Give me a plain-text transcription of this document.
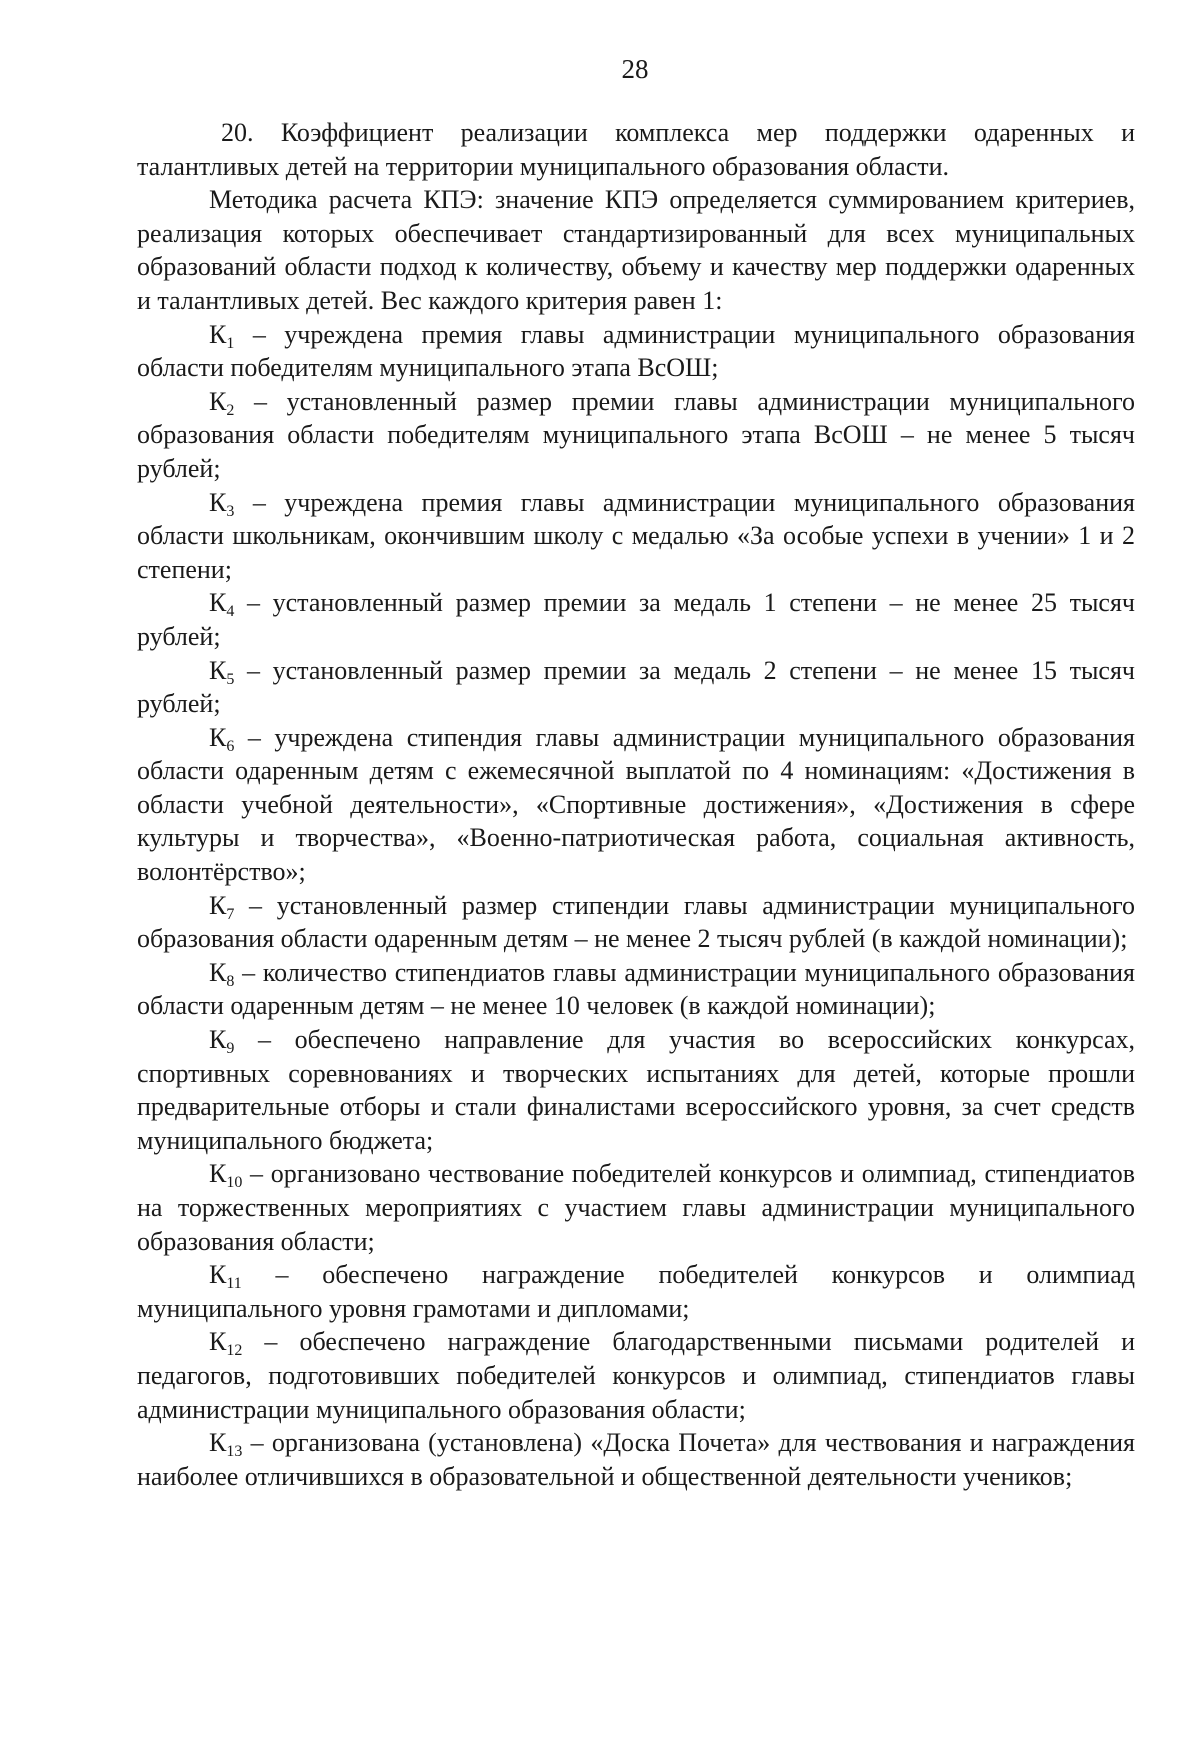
28

20. Коэффициент реализации комплекса мер поддержки одаренных и талантливых детей на территории муниципального образования области.

Методика расчета КПЭ: значение КПЭ определяется суммированием критериев, реализация которых обеспечивает стандартизированный для всех муниципальных образований области подход к количеству, объему и качеству мер поддержки одаренных и талантливых детей. Вес каждого критерия равен 1:

$К_1$ – учреждена премия главы администрации муниципального образования области победителям муниципального этапа ВсОШ;

$К_2$ – установленный размер премии главы администрации муниципального образования области победителям муниципального этапа ВсОШ – не менее 5 тысяч рублей;

$К_3$ – учреждена премия главы администрации муниципального образования области школьникам, окончившим школу с медалью «За особые успехи в учении» 1 и 2 степени;

$К_4$ – установленный размер премии за медаль 1 степени – не менее 25 тысяч рублей;

$К_5$ – установленный размер премии за медаль 2 степени – не менее 15 тысяч рублей;

$К_6$ – учреждена стипендия главы администрации муниципального образования области одаренным детям с ежемесячной выплатой по 4 номинациям: «Достижения в области учебной деятельности», «Спортивные достижения», «Достижения в сфере культуры и творчества», «Военно-патриотическая работа, социальная активность, волонтёрство»;

$К_7$ – установленный размер стипендии главы администрации муниципального образования области одаренным детям – не менее 2 тысяч рублей (в каждой номинации);

$К_8$ – количество стипендиатов главы администрации муниципального образования области одаренным детям – не менее 10 человек (в каждой номинации);

$К_9$ – обеспечено направление для участия во всероссийских конкурсах, спортивных соревнованиях и творческих испытаниях для детей, которые прошли предварительные отборы и стали финалистами всероссийского уровня, за счет средств муниципального бюджета;

$К_{10}$ – организовано чествование победителей конкурсов и олимпиад, стипендиатов на торжественных мероприятиях с участием главы администрации муниципального образования области;

$К_{11}$ – обеспечено награждение победителей конкурсов и олимпиад муниципального уровня грамотами и дипломами;

$К_{12}$ – обеспечено награждение благодарственными письмами родителей и педагогов, подготовивших победителей конкурсов и олимпиад, стипендиатов главы администрации муниципального образования области;

$К_{13}$ – организована (установлена) «Доска Почета» для чествования и награждения наиболее отличившихся в образовательной и общественной деятельности учеников;
